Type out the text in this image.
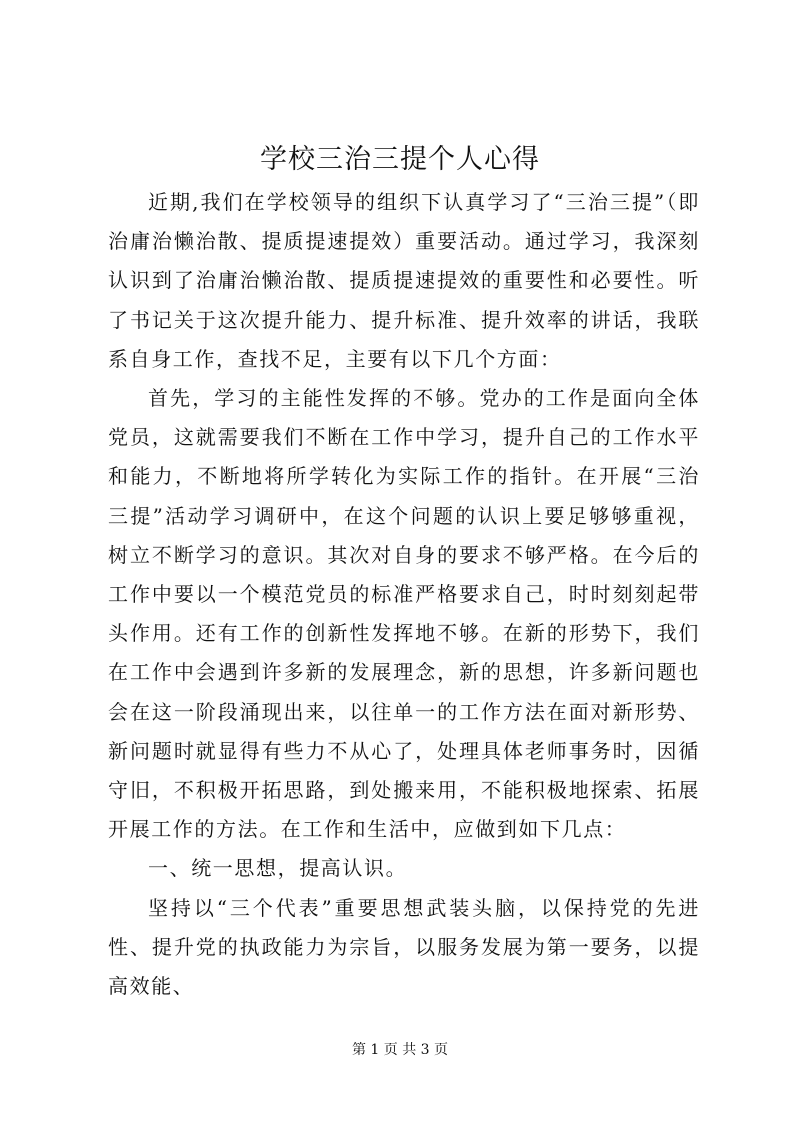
学校三治三提个人心得

近期,我们在学校领导的组织下认真学习了“三治三提”（即治庸治懒治散、提质提速提效）重要活动。通过学习，我深刻认识到了治庸治懒治散、提质提速提效的重要性和必要性。听了书记关于这次提升能力、提升标准、提升效率的讲话，我联系自身工作，查找不足，主要有以下几个方面：

首先，学习的主能性发挥的不够。党办的工作是面向全体党员，这就需要我们不断在工作中学习，提升自己的工作水平和能力，不断地将所学转化为实际工作的指针。在开展“三治三提”活动学习调研中，在这个问题的认识上要足够够重视，树立不断学习的意识。其次对自身的要求不够严格。在今后的工作中要以一个模范党员的标准严格要求自己，时时刻刻起带头作用。还有工作的创新性发挥地不够。在新的形势下，我们在工作中会遇到许多新的发展理念，新的思想，许多新问题也会在这一阶段涌现出来，以往单一的工作方法在面对新形势、新问题时就显得有些力不从心了，处理具体老师事务时，因循守旧，不积极开拓思路，到处搬来用，不能积极地探索、拓展开展工作的方法。在工作和生活中，应做到如下几点：

一、统一思想，提高认识。

坚持以“三个代表”重要思想武装头脑，以保持党的先进性、提升党的执政能力为宗旨，以服务发展为第一要务，以提高效能、

第 1 页 共 3 页
